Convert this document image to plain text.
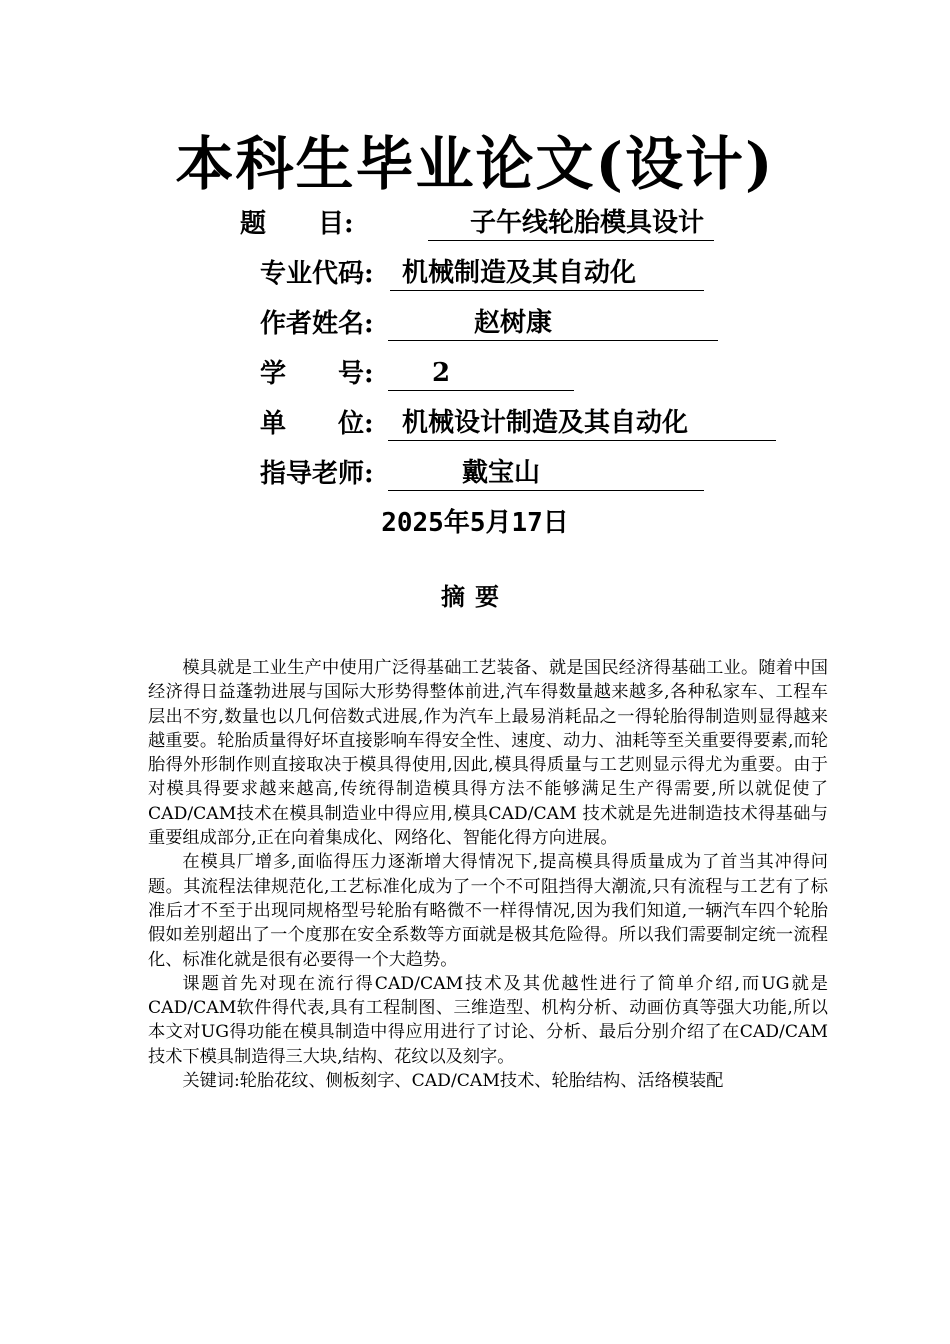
本科生毕业论文(设计)
题　　目:	子午线轮胎模具设计
专业代码: 机械制造及其自动化
作者姓名:	赵树康
学　　号: 2
单　　位: 机械设计制造及其自动化
指导老师:	戴宝山
2025年5月17日
摘要

模具就是工业生产中使用广泛得基础工艺装备、就是国民经济得基础工业。随着中国经济得日益蓬勃进展与国际大形势得整体前进,汽车得数量越来越多,各种私家车、工程车层出不穷,数量也以几何倍数式进展,作为汽车上最易消耗品之一得轮胎得制造则显得越来越重要。轮胎质量得好坏直接影响车得安全性、速度、动力、油耗等至关重要得要素,而轮胎得外形制作则直接取决于模具得使用,因此,模具得质量与工艺则显示得尤为重要。由于对模具得要求越来越高,传统得制造模具得方法不能够满足生产得需要,所以就促使了CAD/CAM技术在模具制造业中得应用,模具CAD/CAM 技术就是先进制造技术得基础与重要组成部分,正在向着集成化、网络化、智能化得方向进展。

在模具厂增多,面临得压力逐渐增大得情况下,提高模具得质量成为了首当其冲得问题。其流程法律规范化,工艺标准化成为了一个不可阻挡得大潮流,只有流程与工艺有了标准后才不至于出现同规格型号轮胎有略微不一样得情况,因为我们知道,一辆汽车四个轮胎假如差别超出了一个度那在安全系数等方面就是极其危险得。所以我们需要制定统一流程化、标准化就是很有必要得一个大趋势。

课题首先对现在流行得CAD/CAM技术及其优越性进行了简单介绍,而UG就是CAD/CAM软件得代表,具有工程制图、三维造型、机构分析、动画仿真等强大功能,所以本文对UG得功能在模具制造中得应用进行了讨论、分析、最后分别介绍了在CAD/CAM技术下模具制造得三大块,结构、花纹以及刻字。

关键词:轮胎花纹、侧板刻字、CAD/CAM技术、轮胎结构、活络模装配
